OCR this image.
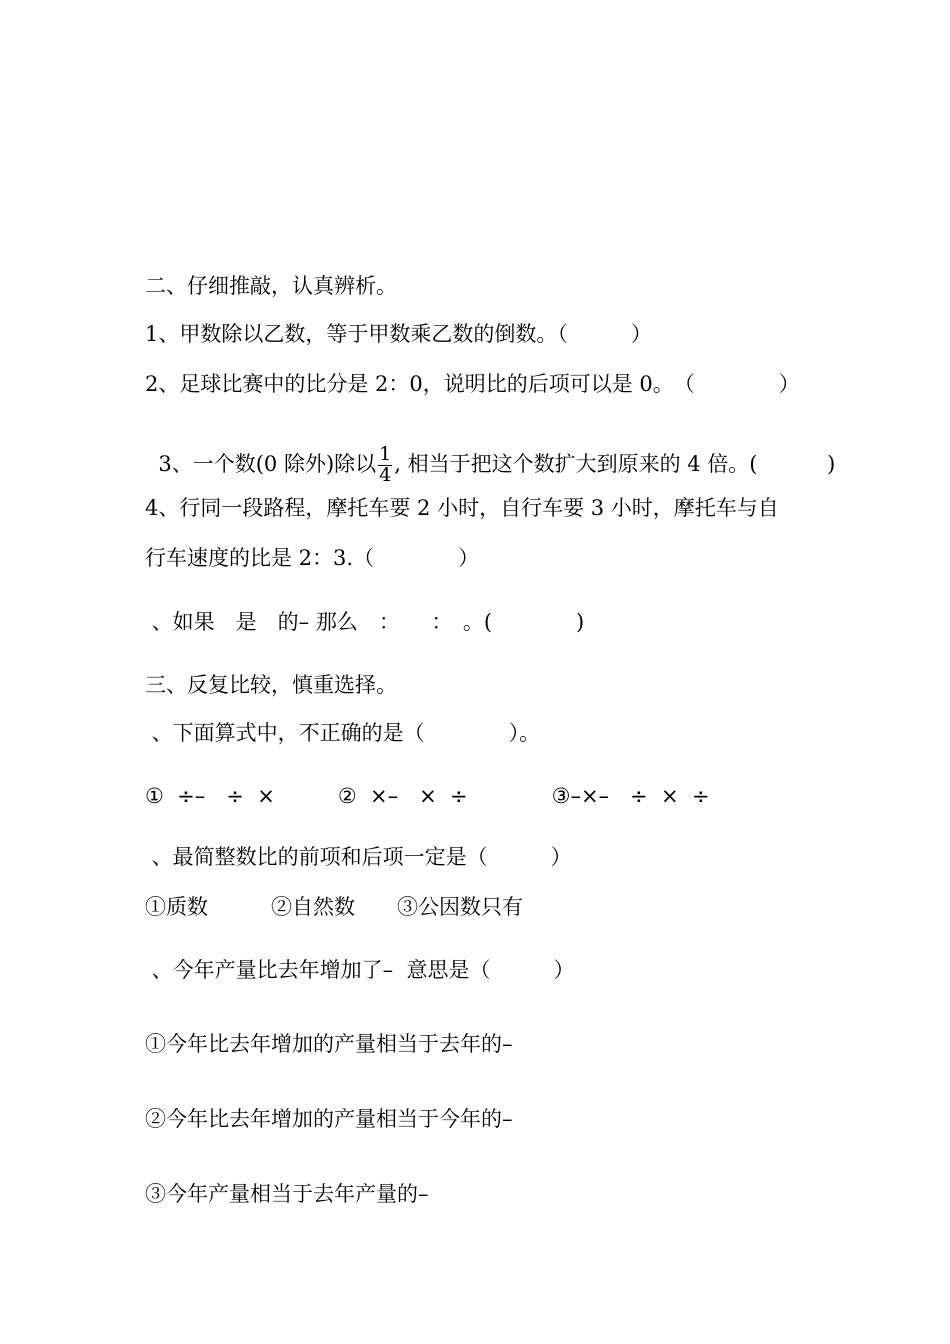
二、仔细推敲，认真辨析。
1、甲数除以乙数，等于甲数乘乙数的倒数。（　　　）
2、足球比赛中的比分是 2：0，说明比的后项可以是 0。　（　　　　）

3、一个数(0 除外)除以 $\frac{1}{4}$ , 相当于把这个数扩大到原来的 4 倍。(　　　 )

4、行同一段路程，摩托车要 2 小时，自行车要 3 小时，摩托车与自
行车速度的比是 2：3.（　　　　）
、如果　是　的– 那么　：　　：　。(　　　　)
三、反复比较，慎重选择。
、下面算式中，不正确的是（　　　　）。
①  ÷–　÷  ×　　　②  ×–　×  ÷　　　　③–×–　÷  ×  ÷
、最简整数比的前项和后项一定是（　　　）
①质数　　　②自然数　　③公因数只有
、今年产量比去年增加了–  意思是（　　　）
①今年比去年增加的产量相当于去年的–
②今年比去年增加的产量相当于今年的–
③今年产量相当于去年产量的–
